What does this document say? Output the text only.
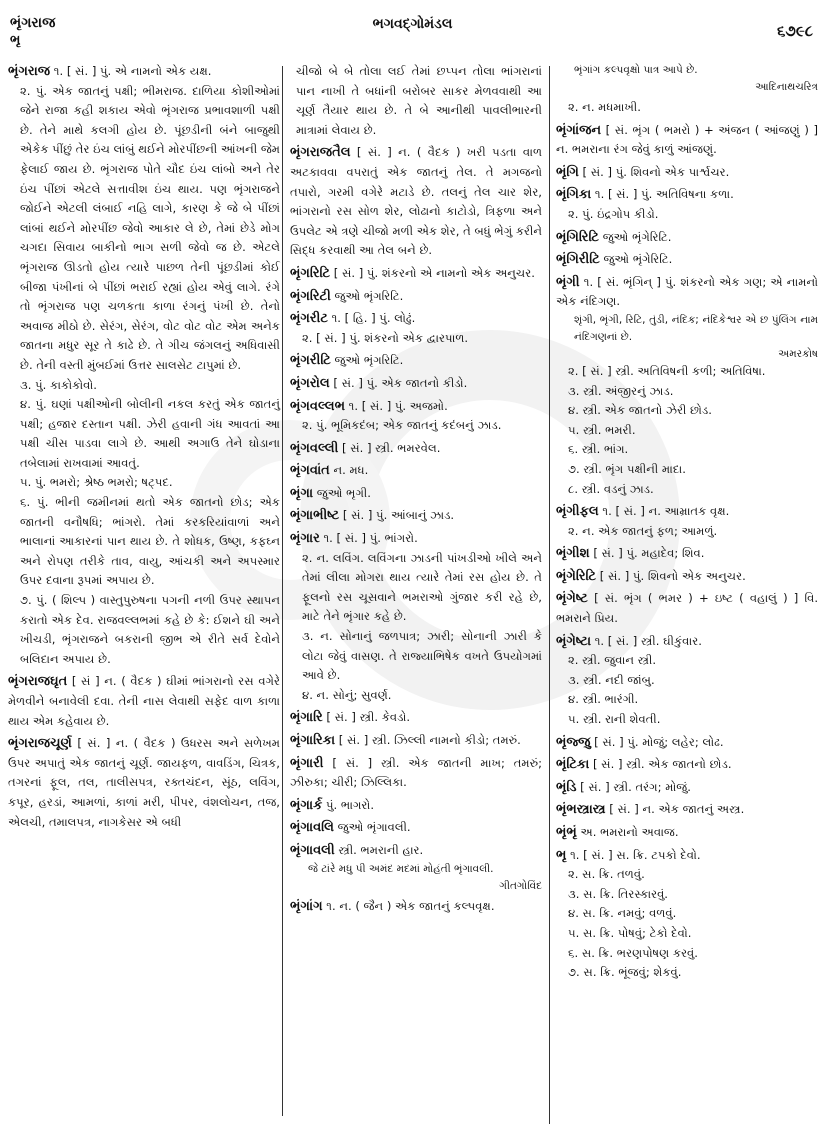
ભૃંગરાજ
ભૃ
ભગવદ્ગોમંડલ	૬૭૯૮
ભૃંગરાજ ૧. [ સં. ] પું. એ નામનો એક યક્ષ.
૨. પું. એક જાતનું પક્ષી; ભીમરાજ. દાળિયા કોશીઓમાં જેને રાજા કહી શકાય એવો ભૃંગરાજ પ્રભાવશાળી પક્ષી છે. તેને માથે કલગી હોય છે. પૂંછડીની બંને બાજુથી એકેક પીંછું તેર ઇંચ લાંબું થઈને મોરપીંછની આંખની જેમ ફેલાઈ જાય છે. ભૃંગરાજ પોતે ચૌદ ઇંચ લાંબો અને તેર ઇંચ પીંછાં એટલે સત્તાવીશ ઇંચ થાય. પણ ભૃંગરાજને જોઈને એટલી લંબાઈ નહિ લાગે, કારણ કે જે બે પીંછાં લાંબાં થઈને મોરપીંછ જેવો આકાર લે છે, તેમાં છેડે મોગ ચગદા સિવાય બાકીનો ભાગ સળી જેવો જ છે. એટલે ભૃંગરાજ ઊડતો હોય ત્યારે પાછળ તેની પૂંછડીમાં કોઈ બીજા પંખીનાં બે પીંછાં ભરાઈ રહ્યાં હોય એવું લાગે. રંગે તો ભૃંગરાજ પણ ચળકતા કાળા રંગનું પંખી છે. તેનો અવાજ મીઠો છે. સેરંગ, સેરંગ, વોટ વોટ વોટ એમ અનેક જાતના મધુર સૂર તે કાઢે છે. તે ગીચ જંગલનું અધિવાસી છે. તેની વસ્તી મુંબઈમાં ઉત્તર સાલસેટ ટાપુમાં છે.
૩. પું. કાકોકોવો.
૪. પું. ઘણાં પક્ષીઓની બોલીની નકલ કરતું એક જાતનું પક્ષી; હજાર દસ્તાન પક્ષી. ઝેરી હવાની ગંધ આવતાં આ પક્ષી ચીસ પાડવા લાગે છે. આથી અગાઉ તેને ઘોડાના તબેલામાં રાખવામાં આવતું.
૫. પું. ભમરો; શ્રેષ્ઠ ભમરો; ષટ્પદ.
૬. પું. ભીની જમીનમાં થતો એક જાતનો છોડ; એક જાતની વનૌષધિ; ભાંગરો. તેમાં કરકરિયાંવાળાં અને ભાલાનાં આકારનાં પાન થાય છે. તે શોધક, ઉષ્ણ, કફઘ્ન અને રોપણ તરીકે તાવ, વાયુ, આંચકી અને અપસ્માર ઉપર દવાના રૂપમાં અપાય છે.
૭. પું. ( શિલ્પ ) વાસ્તુપુરુષના પગની નળી ઉપર સ્થાપન કરાતો એક દેવ. રાજવલ્લભમાં કહે છે કે: ઈશને ઘી અને ખીચડી, ભૃંગરાજને બકરાની જીભ એ રીતે સર્વ દેવોને બલિદાન અપાય છે.
ભૃંગરાજઘૃત [ સં ] ન. ( વૈદક ) ઘીમાં ભાંગરાનો રસ વગેરે મેળવીને બનાવેલી દવા. તેની નાસ લેવાથી સફેદ વાળ કાળા થાય એમ કહેવાય છે.
ભૃંગરાજચૂર્ણ [ સં. ] ન. ( વૈદક ) ઉધરસ અને સળેખમ ઉપર અપાતું એક જાતનું ચૂર્ણ. જાયફળ, વાવડિંગ, ચિત્રક, તગરનાં ફૂલ, તલ, તાલીસપત્ર, રક્તચંદન, સૂંઠ, લવિંગ, કપૂર, હરડાં, આમળાં, કાળાં મરી, પીપર, વંશલોચન, તજ, એલચી, તમાલપત્ર, નાગકેસર એ બધી
ચીજો બે બે તોલા લઈ તેમાં છપ્પન તોલા ભાંગરાનાં પાન નાખી તે બધાંની બરોબર સાકર મેળવવાથી આ ચૂર્ણ તૈયાર થાય છે. તે બે આનીથી પાવલીભારની માત્રામાં લેવાય છે.
ભૃંગરાજતૈલ [ સં. ] ન. ( વૈદક ) ખરી પડતા વાળ અટકાવવા વપરાતું એક જાતનું તેલ. તે મગજનો તપારો, ગરમી વગેરે મટાડે છે. તલનું તેલ ચાર શેર, ભાંગરાનો રસ સોળ શેર, લોઢાનો કાટોડો, ત્રિફળા અને ઉપલેટ એ ત્રણે ચીજો મળી એક શેર, તે બધું ભેગું કરીને સિદ્ધ કરવાથી આ તેલ બને છે.
ભૃંગરિટિ [ સં. ] પું. શંકરનો એ નામનો એક અનુચર.
ભૃંગરિટી જુઓ ભૃંગરિટિ.
ભૃંગરીટ ૧. [ હિ. ] પું. લોઢું.
૨. [ સં. ] પું. શંકરનો એક દ્વારપાળ.
ભૃંગરીટિ જુઓ ભૃંગરિટિ.
ભૃંગરોલ [ સં. ] પું. એક જાતનો કીડો.
ભૃંગવલ્લભ ૧. [ સં. ] પું. અજમો.
૨. પું. ભૂમિકદંબ; એક જાતનું કદંબનું ઝાડ.
ભૃંગવલ્લી [ સં. ] સ્ત્રી. ભમરવેલ.
ભૃંગવાંત ન. મધ.
ભૃંગા જુઓ ભૃગી.
ભૃંગાભીષ્ટ [ સં. ] પું. આંબાનું ઝાડ.
ભૃંગાર ૧. [ સં. ] પું. ભાંગરો.
૨. ન. લવિંગ. લવિંગના ઝાડની પાંખડીઓ ખીલે અને તેમાં લીલા મોગરા થાય ત્યારે તેમાં રસ હોય છે. તે ફૂલનો રસ ચૂસવાને ભમરાઓ ગુંજાર કરી રહે છે, માટે તેને ભૃંગાર કહે છે.
૩. ન. સોનાનું જળપાત્ર; ઝારી; સોનાની ઝારી કે લોટા જેવું વાસણ. તે રાજ્યાભિષેક વખતે ઉપયોગમાં આવે છે.
૪. ન. સોનું; સુવર્ણ.
ભૃંગારિ [ સં. ] સ્ત્રી. કેવડો.
ભૃંગારિકા [ સં. ] સ્ત્રી. ઝિલ્લી નામનો કીડો; તમરું.
ભૃંગારી [ સં. ] સ્ત્રી. એક જાતની માખ; તમરું; ઝીરુકા; ચીરી; ઝિલ્લિકા.
ભૃંગાર્ક પું. ભાગરો.
ભૃંગાવલિ જુઓ ભૃંગાવલી.
ભૃંગાવલી સ્ત્રી. ભમરાની હાર.
જે ટાંરે મધુ પી અમંદ મદમાં મોહંતી ભૃંગાવલી.
ગીતગોવિંદ
ભૃંગાંગ ૧. ન. ( જૈન ) એક જાતનું કલ્પવૃક્ષ.
ભૃંગાંગ કલ્પવૃક્ષો પાત્ર આપે છે.
આદિનાથચરિત્ર
૨. ન. મધમાખી.
ભૃંગાંજન [ સં. ભૃંગ ( ભમરો ) + અંજન ( આંજણું ) ] ન. ભમરાના રંગ જેવું કાળું આંજણું.
ભૃંગિ [ સં. ] પું. શિવનો એક પાર્શ્વચર.
ભૃંગિકા ૧. [ સં. ] પું. અતિવિષના કળા.
૨. પું. ઇંદ્રગોપ કીડો.
ભૃંગિરિટિ જુઓ ભૃંગેરિટિ.
ભૃંગિરીટિ જુઓ ભૃંગેરિટિ.
ભૃંગી ૧. [ સં. ભૃંગિન્ ] પું. શંકરનો એક ગણ; એ નામનો એક નંદિગણ.
શૃંગી, ભૃંગી, રિટિ, તુંડી, નંદિક; નંદિકેશ્વર એ છ પુંલિંગ નામ નંદિગણનાં છે.
અમરકોષ
૨. [ સં. ] સ્ત્રી. અતિવિષની કળી; અતિવિષા.
૩. સ્ત્રી. અંજીરનું ઝાડ.
૪. સ્ત્રી. એક જાતનો ઝેરી છોડ.
૫. સ્ત્રી. ભમરી.
૬. સ્ત્રી. ભાંગ.
૭. સ્ત્રી. ભૃંગ પક્ષીની માદા.
૮. સ્ત્રી. વડનું ઝાડ.
ભૃંગીફલ ૧. [ સં. ] ન. આમ્રાતક વૃક્ષ.
૨. ન. એક જાતનું ફળ; આમળું.
ભૃંગીશ [ સં. ] પું. મહાદેવ; શિવ.
ભૃંગેરિટિ [ સં. ] પું. શિવનો એક અનુચર.
ભૃંગેષ્ટ [ સં. ભૃંગ ( ભમર ) + ઇષ્ટ ( વહાલું ) ] વિ. ભમરાને પ્રિય.
ભૃંગેષ્ટા ૧. [ સં. ] સ્ત્રી. ઘીકુંવાર.
૨. સ્ત્રી. જુવાન સ્ત્રી.
૩. સ્ત્રી. નદી જાંબુ.
૪. સ્ત્રી. ભારંગી.
૫. સ્ત્રી. રાની શેવતી.
ભૃંજ્જુ [ સં. ] પું. મોજું; લહેર; લોઢ.
ભૃંટિકા [ સં. ] સ્ત્રી. એક જાતનો છોડ.
ભૃંડિ [ સં. ] સ્ત્રી. તરંગ; મોજું.
ભૃંભસ્ત્રાસ્ત્ર [ સં. ] ન. એક જાતનું અસ્ત્ર.
ભૃંભૃં અ. ભમરાનો અવાજ.
ભૃ ૧. [ સં. ] સ. ક્રિ. ટપકો દેવો.
૨. સ. ક્રિ. તળવું.
૩. સ. ક્રિ. તિરસ્કારવું.
૪. સ. ક્રિ. નમવું; વળવું.
૫. સ. ક્રિ. પોષવું; ટેકો દેવો.
૬. સ. ક્રિ. ભરણપોષણ કરવું.
૭. સ. ક્રિ. ભૂંજવું; શેકવું.
